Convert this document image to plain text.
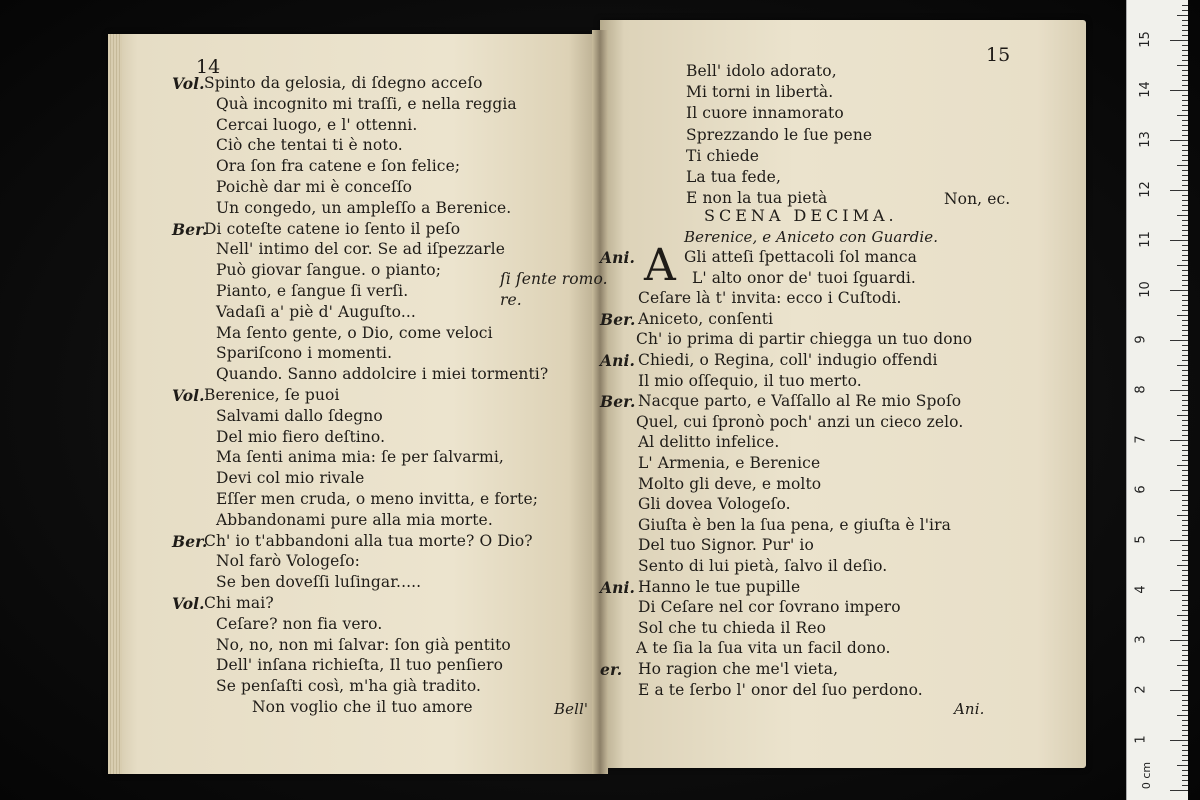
14
15
Vol. Spinto da gelosia, di ſdegno acceſo
Quà incognito mi traſſi, e nella reggia
Cercai luogo, e l' ottenni.
Ciò che tentai ti è noto.
Ora ſon fra catene e ſon felice;
Poichè dar mi è conceſſo
Un congedo, un ampleſſo a Berenice.
Ber.
Di coteſte catene io ſento il peſo
Nell' intimo del cor. Se ad iſpezzarle
Può giovar ſangue. o pianto;
Pianto, e ſangue ſi verſi.
Vadaſi a' piè d' Auguſto...
Ma ſento gente, o Dio, come veloci
Spariſcono i momenti.
Quando. Sanno addolcire i miei tormenti?
Vol. Berenice, ſe puoi
Salvami dallo ſdegno
Del mio fiero deſtino.
Ma ſenti anima mia: ſe per ſalvarmi,
Devi col mio rivale
Eſſer men cruda, o meno invitta, e forte;
Abbandonami pure alla mia morte.
Ber.
Ch' io t'abbandoni alla tua morte? O Dio?
Nol farò Vologeſo:
Se ben doveſſi luſingar.....
Vol. Chi mai?
Ceſare? non fia vero.
No, no, non mi ſalvar: ſon già pentito
Dell' inſana richieſta, Il tuo penſiero
Se penſaſti così, m'ha già tradito.
Non voglio che il tuo amore
ſi ſente romo.
re.
Bell'
Bell' idolo adorato,
Mi torni in libertà.
Il cuore innamorato
Sprezzando le ſue pene
Ti chiede
La tua fede,
E non la tua pietà	Non, ec.
SCENA DECIMA.
Berenice, e Aniceto con Guardie.
A
Ani.	Gli atteſi ſpettacoli ſol manca
L' alto onor de' tuoi ſguardi.
Ceſare là t' invita: ecco i Cuſtodi.
Ber. Aniceto, conſenti
Ch' io prima di partir chiegga un tuo dono
Ani. Chiedi, o Regina, coll' indugio offendi
Il mio oſſequio, il tuo merto.
Ber. Nacque parto, e Vaſſallo al Re mio Spoſo
Quel, cui ſpronò poch' anzi un cieco zelo.
Al delitto infelice.
L' Armenia, e Berenice
Molto gli deve, e molto
Gli dovea Vologeſo.
Giuſta è ben la ſua pena, e giuſta è l'ira
Del tuo Signor. Pur' io
Sento di lui pietà, ſalvo il deſio.
Ani. Hanno le tue pupille
Di Ceſare nel cor ſovrano impero
Sol che tu chieda il Reo
A te ſia la ſua vita un facil dono.
er. Ho ragion che me'l vieta,
E a te ſerbo l' onor del ſuo perdono.
Ani.
0 cm
1
2
3
4
5
6
7
8
9
10
11
12
13
14
15
